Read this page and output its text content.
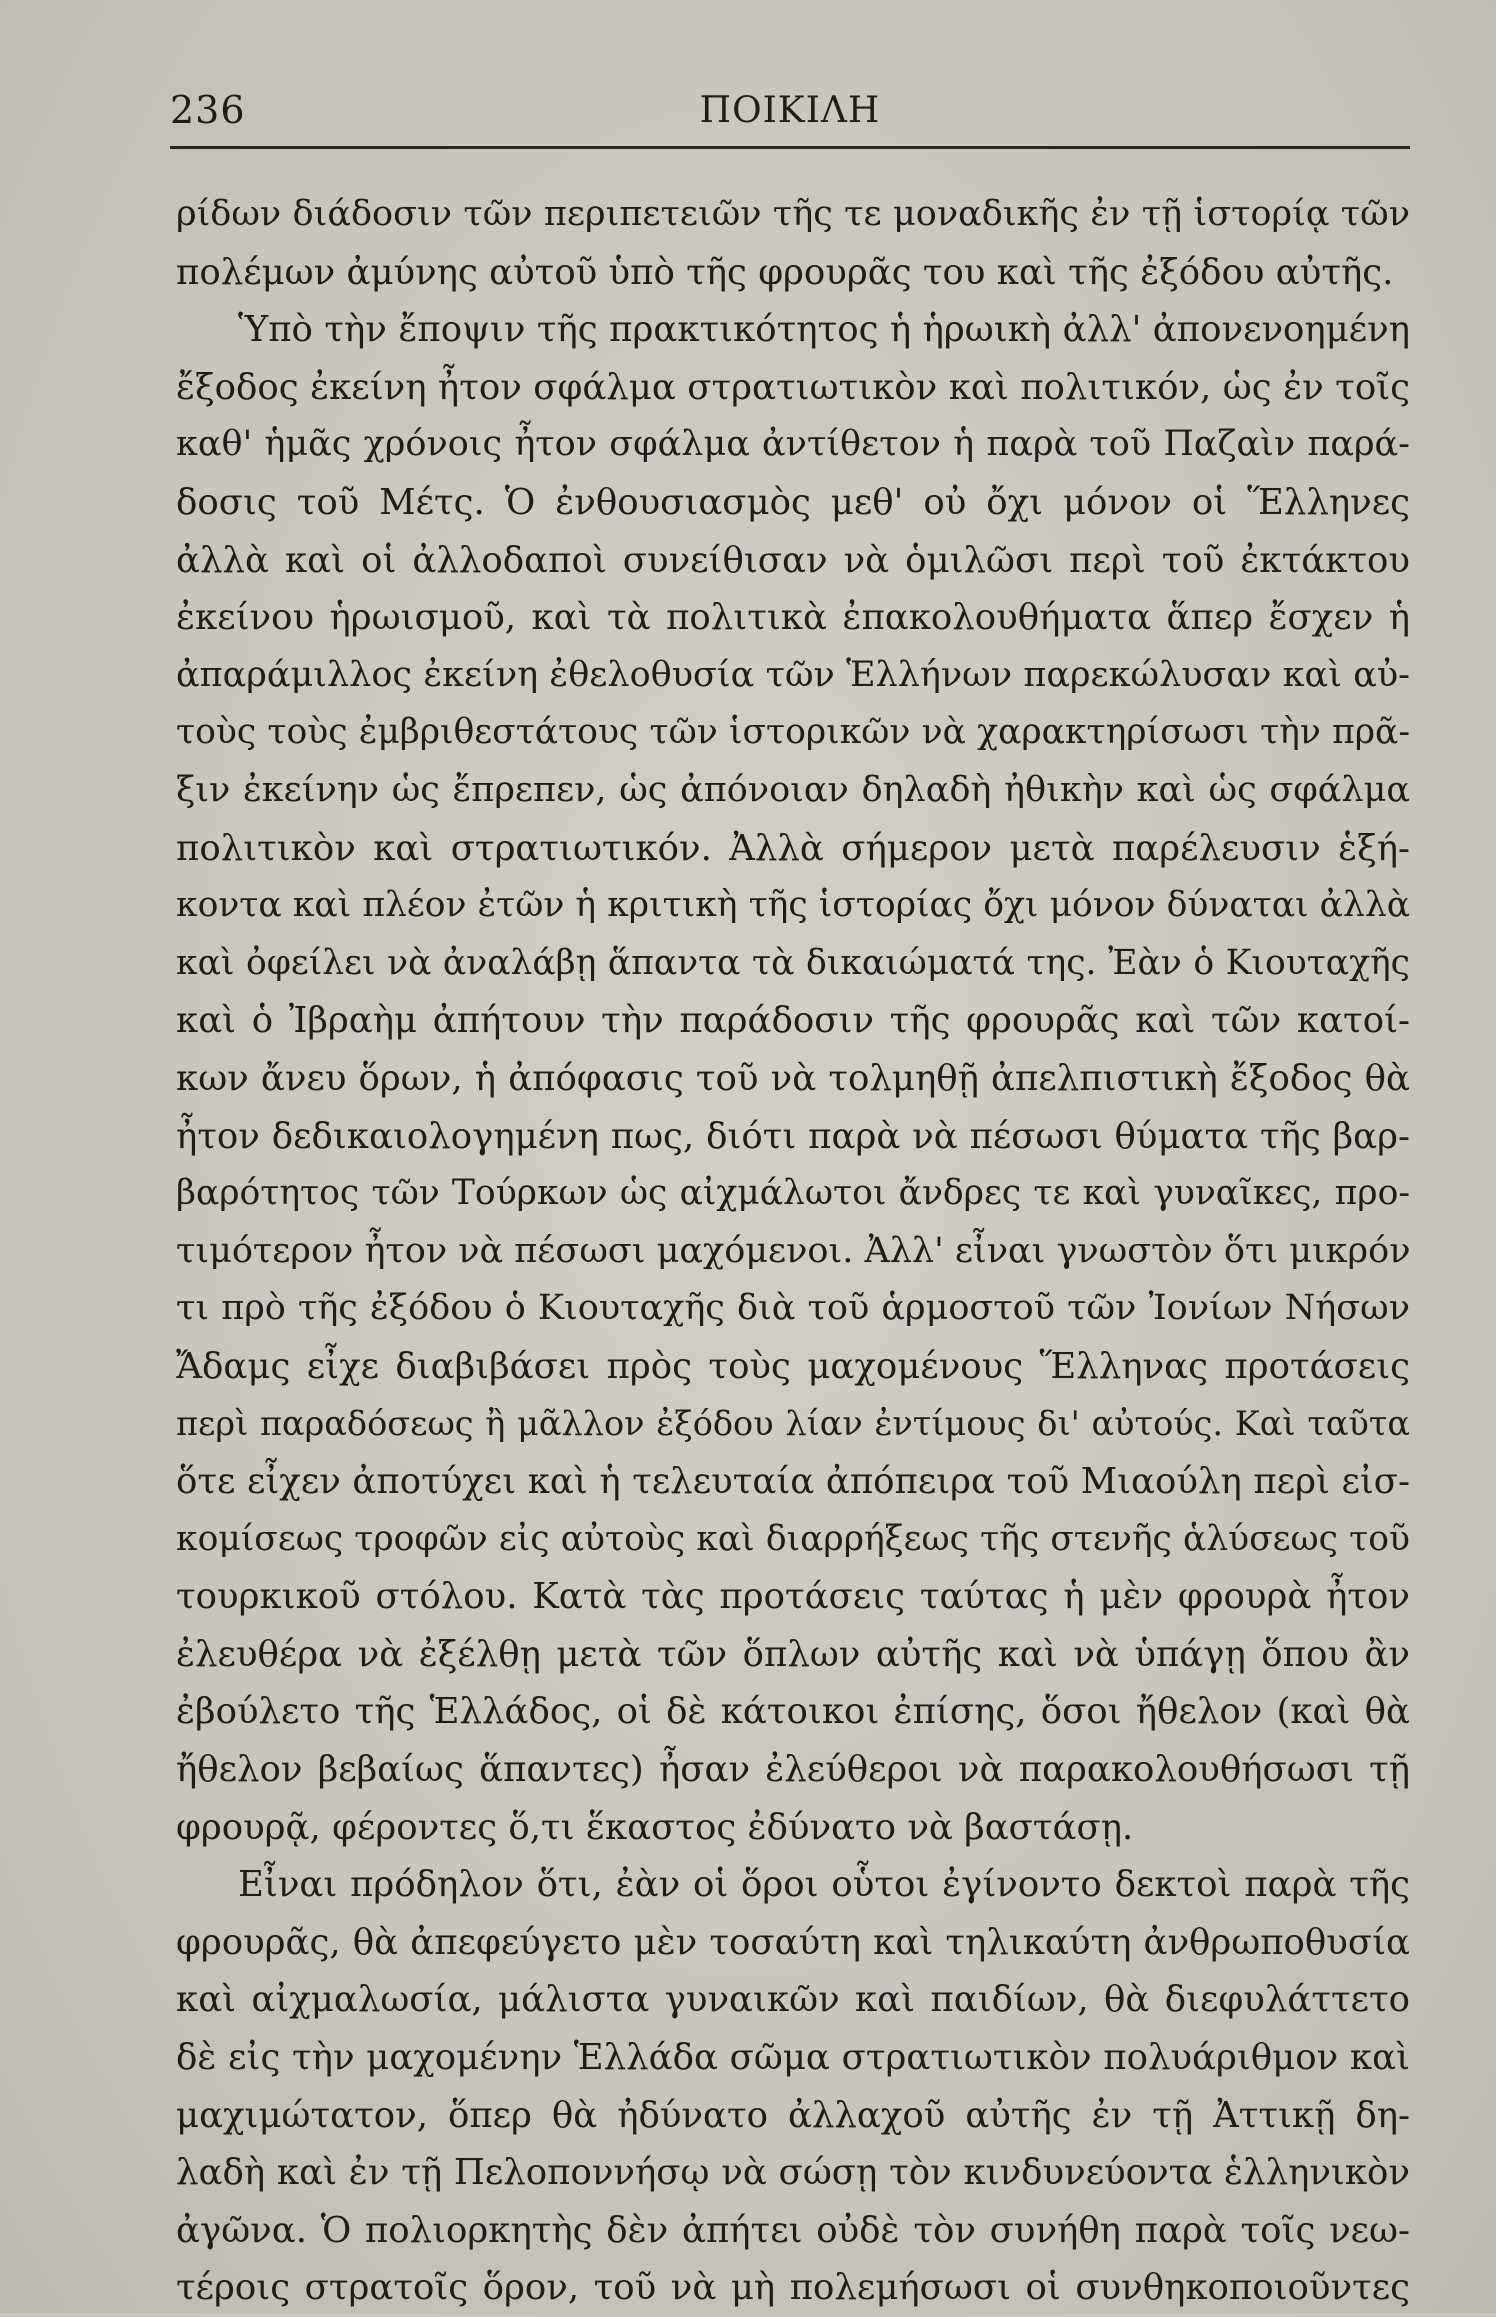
236	ΠΟΙΚΙΛΗ
ρίδων διάδοσιν τῶν περιπετειῶν τῆς τε μοναδικῆς ἐν τῇ ἱστορίᾳ τῶν
πολέμων ἀμύνης αὐτοῦ ὑπὸ τῆς φρουρᾶς του καὶ τῆς ἐξόδου αὐτῆς.
Ὑπὸ τὴν ἔποψιν τῆς πρακτικότητος ἡ ἡρωικὴ ἀλλ' ἀπονενοημένη
ἔξοδος ἐκείνη ἦτον σφάλμα στρατιωτικὸν καὶ πολιτικόν, ὡς ἐν τοῖς
καθ' ἡμᾶς χρόνοις ἦτον σφάλμα ἀντίθετον ἡ παρὰ τοῦ Παζαὶν παρά-
δοσις τοῦ Μέτς. Ὁ ἐνθουσιασμὸς μεθ' οὐ ὄχι μόνον οἱ Ἕλληνες
ἀλλὰ καὶ οἱ ἀλλοδαποὶ συνείθισαν νὰ ὁμιλῶσι περὶ τοῦ ἐκτάκτου
ἐκείνου ἡρωισμοῦ, καὶ τὰ πολιτικὰ ἐπακολουθήματα ἅπερ ἔσχεν ἡ
ἀπαράμιλλος ἐκείνη ἐθελοθυσία τῶν Ἑλλήνων παρεκώλυσαν καὶ αὐ-
τοὺς τοὺς ἐμβριθεστάτους τῶν ἱστορικῶν νὰ χαρακτηρίσωσι τὴν πρᾶ-
ξιν ἐκείνην ὡς ἔπρεπεν, ὡς ἀπόνοιαν δηλαδὴ ἠθικὴν καὶ ὡς σφάλμα
πολιτικὸν καὶ στρατιωτικόν. Ἀλλὰ σήμερον μετὰ παρέλευσιν ἑξή-
κοντα καὶ πλέον ἐτῶν ἡ κριτικὴ τῆς ἱστορίας ὄχι μόνον δύναται ἀλλὰ
καὶ ὀφείλει νὰ ἀναλάβῃ ἅπαντα τὰ δικαιώματά της. Ἐὰν ὁ Κιουταχῆς
καὶ ὁ Ἰβραὴμ ἀπήτουν τὴν παράδοσιν τῆς φρουρᾶς καὶ τῶν κατοί-
κων ἄνευ ὅρων, ἡ ἀπόφασις τοῦ νὰ τολμηθῇ ἀπελπιστικὴ ἔξοδος θὰ
ἦτον δεδικαιολογημένη πως, διότι παρὰ νὰ πέσωσι θύματα τῆς βαρ-
βαρότητος τῶν Τούρκων ὡς αἰχμάλωτοι ἄνδρες τε καὶ γυναῖκες, προ-
τιμότερον ἦτον νὰ πέσωσι μαχόμενοι. Ἀλλ' εἶναι γνωστὸν ὅτι μικρόν
τι πρὸ τῆς ἐξόδου ὁ Κιουταχῆς διὰ τοῦ ἁρμοστοῦ τῶν Ἰονίων Νήσων
Ἄδαμς εἶχε διαβιβάσει πρὸς τοὺς μαχομένους Ἕλληνας προτάσεις
περὶ παραδόσεως ἢ μᾶλλον ἐξόδου λίαν ἐντίμους δι' αὐτούς. Καὶ ταῦτα
ὅτε εἶχεν ἀποτύχει καὶ ἡ τελευταία ἀπόπειρα τοῦ Μιαούλη περὶ εἰσ-
κομίσεως τροφῶν εἰς αὐτοὺς καὶ διαρρήξεως τῆς στενῆς ἁλύσεως τοῦ
τουρκικοῦ στόλου. Κατὰ τὰς προτάσεις ταύτας ἡ μὲν φρουρὰ ἦτον
ἐλευθέρα νὰ ἐξέλθῃ μετὰ τῶν ὅπλων αὐτῆς καὶ νὰ ὑπάγῃ ὅπου ἂν
ἐβούλετο τῆς Ἑλλάδος, οἱ δὲ κάτοικοι ἐπίσης, ὅσοι ἤθελον (καὶ θὰ
ἤθελον βεβαίως ἅπαντες) ἦσαν ἐλεύθεροι νὰ παρακολουθήσωσι τῇ
φρουρᾷ, φέροντες ὅ,τι ἕκαστος ἐδύνατο νὰ βαστάσῃ.
Εἶναι πρόδηλον ὅτι, ἐὰν οἱ ὅροι οὗτοι ἐγίνοντο δεκτοὶ παρὰ τῆς
φρουρᾶς, θὰ ἀπεφεύγετο μὲν τοσαύτη καὶ τηλικαύτη ἀνθρωποθυσία
καὶ αἰχμαλωσία, μάλιστα γυναικῶν καὶ παιδίων, θὰ διεφυλάττετο
δὲ εἰς τὴν μαχομένην Ἑλλάδα σῶμα στρατιωτικὸν πολυάριθμον καὶ
μαχιμώτατον, ὅπερ θὰ ἠδύνατο ἀλλαχοῦ αὐτῆς ἐν τῇ Ἀττικῇ δη-
λαδὴ καὶ ἐν τῇ Πελοποννήσῳ νὰ σώσῃ τὸν κινδυνεύοντα ἑλληνικὸν
ἀγῶνα. Ὁ πολιορκητὴς δὲν ἀπήτει οὐδὲ τὸν συνήθη παρὰ τοῖς νεω-
τέροις στρατοῖς ὅρον, τοῦ νὰ μὴ πολεμήσωσι οἱ συνθηκοποιοῦντες
